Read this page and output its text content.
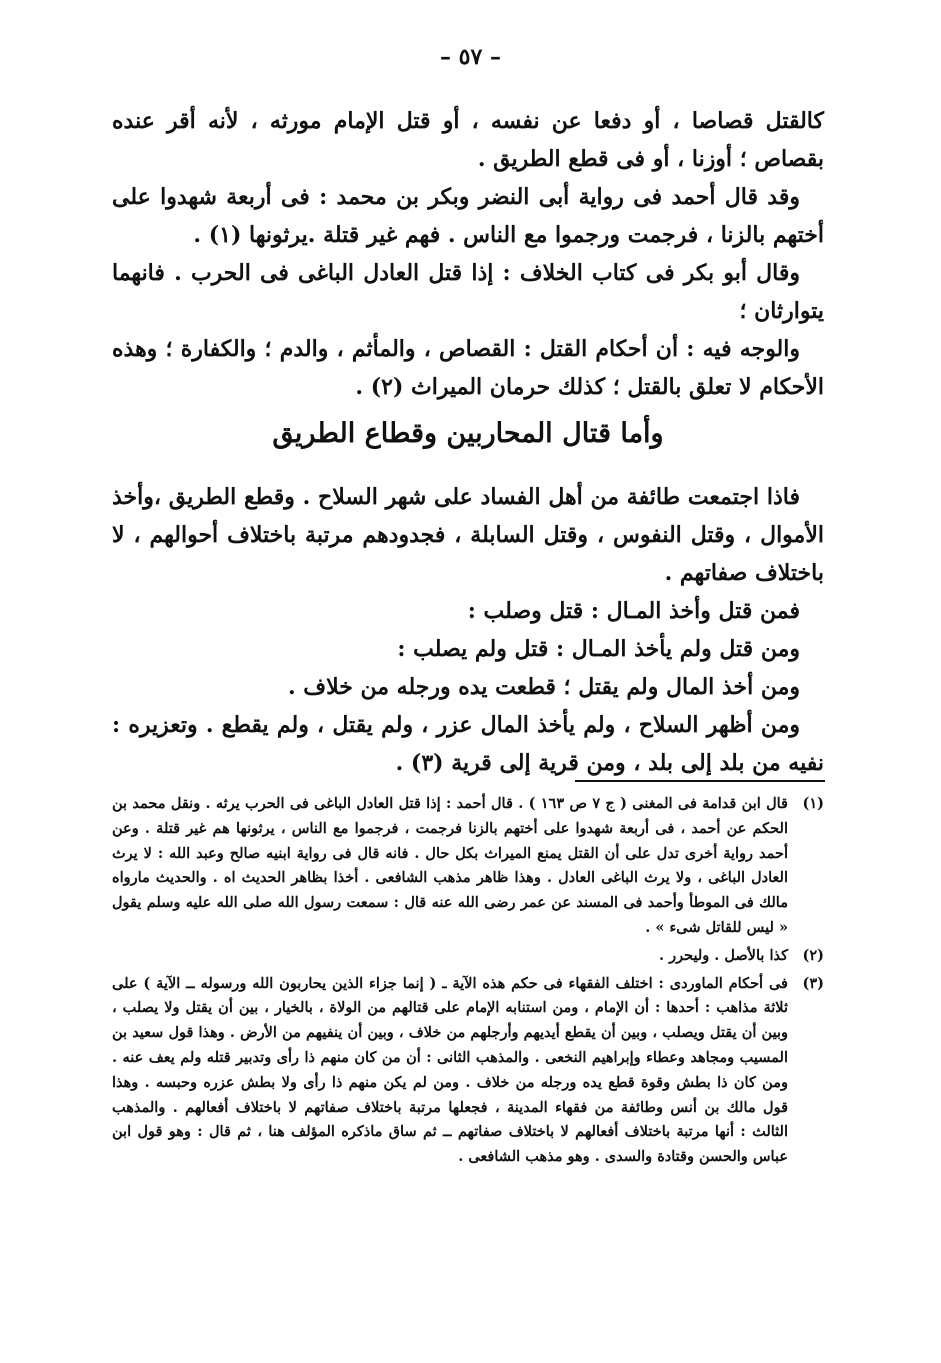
– ٥٧ –

كالقتل قصاصا ، أو دفعا عن نفسه ، أو قتل الإمام مورثه ، لأنه أقر عنده بقصاص ؛ أوزنا ، أو فى قطع الطريق .

وقد قال أحمد فى رواية أبى النضر وبكر بن محمد : فى أربعة شهدوا على أختهم بالزنا ، فرجمت ورجموا مع الناس . فهم غير قتلة .يرثونها (١) .

وقال أبو بكر فى كتاب الخلاف : إذا قتل العادل الباغى فى الحرب . فانهما يتوارثان ؛

والوجه فيه : أن أحكام القتل : القصاص ، والمأثم ، والدم ؛ والكفارة ؛ وهذه الأحكام لا تعلق بالقتل ؛ كذلك حرمان الميراث (٢) .

وأما قتال المحاربين وقطاع الطريق

فاذا اجتمعت طائفة من أهل الفساد على شهر السلاح . وقطع الطريق ،وأخذ الأموال ، وقتل النفوس ، وقتل السابلة ، فجدودهم مرتبة باختلاف أحوالهم ، لا باختلاف صفاتهم .

فمن قتل وأخذ المـال : قتل وصلب :

ومن قتل ولم يأخذ المـال : قتل ولم يصلب :

ومن أخذ المال ولم يقتل ؛ قطعت يده ورجله من خلاف .

ومن أظهر السلاح ، ولم يأخذ المال عزر ، ولم يقتل ، ولم يقطع . وتعزيره : نفيه من بلد إلى بلد ، ومن قرية إلى قرية (٣) .

(١)
قال ابن قدامة فى المغنى ( ج ٧ ص ١٦٣ ) . قال أحمد : إذا قتل العادل الباغى فى الحرب يرثه . ونقل محمد بن الحكم عن أحمد ، فى أربعة شهدوا على أختهم بالزنا فرجمت ، فرجموا مع الناس ، يرثونها هم غير قتلة . وعن أحمد رواية أخرى تدل على أن القتل يمنع الميراث بكل حال . فانه قال فى رواية ابنيه صالح وعبد الله : لا يرث العادل الباغى ، ولا يرث الباغى العادل . وهذا ظاهر مذهب الشافعى . أخذا بظاهر الحديث اه . والحديث مارواه مالك فى الموطأ وأحمد فى المسند عن عمر رضى الله عنه قال : سمعت رسول الله صلى الله عليه وسلم يقول « ليس للقاتل شىء » .
(٢)
كذا بالأصل . وليحرر .
(٣)
فى أحكام الماوردى : اختلف الفقهاء فى حكم هذه الآية ـ ( إنما جزاء الذين يحاربون الله ورسوله ــ الآية ) على ثلاثة مذاهب : أحدها : أن الإمام ، ومن استنابه الإمام على قتالهم من الولاة ، بالخيار ، بين أن يقتل ولا يصلب ، وبين أن يقتل ويصلب ، وبين أن يقطع أيديهم وأرجلهم من خلاف ، وبين أن ينفيهم من الأرض . وهذا قول سعيد بن المسيب ومجاهد وعطاء وإبراهيم النخعى . والمذهب الثانى : أن من كان منهم ذا رأى وتدبير قتله ولم يعف عنه . ومن كان ذا بطش وقوة قطع يده ورجله من خلاف . ومن لم يكن منهم ذا رأى ولا بطش عزره وحبسه . وهذا قول مالك بن أنس وطائفة من فقهاء المدينة ، فجعلها مرتبة باختلاف صفاتهم لا باختلاف أفعالهم . والمذهب الثالث : أنها مرتبة باختلاف أفعالهم لا باختلاف صفاتهم ــ ثم ساق ماذكره المؤلف هنا ، ثم قال : وهو قول ابن عباس والحسن وقتادة والسدى . وهو مذهب الشافعى .
